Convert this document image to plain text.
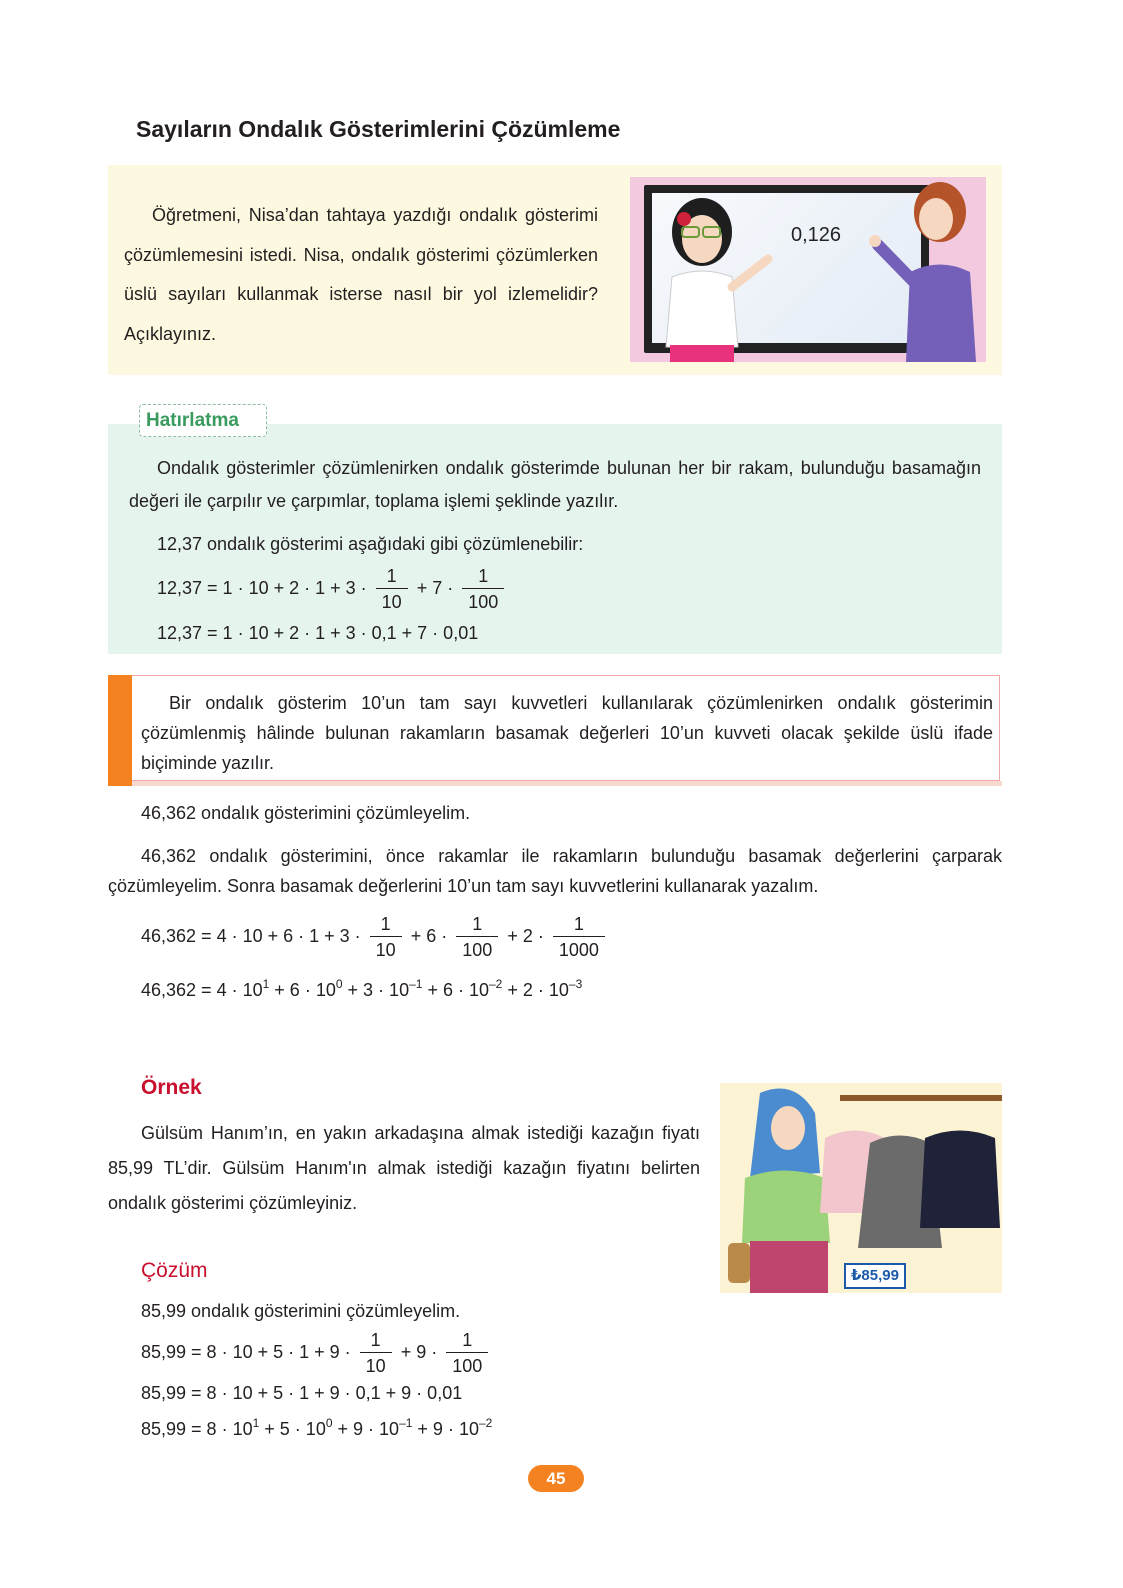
Sayıların Ondalık Gösterimlerini Çözümleme
Öğretmeni, Nisa’dan tahtaya yazdığı ondalık gösterimi çözümlemesini istedi. Nisa, ondalık gösterimi çözümlerken üslü sayıları kullanmak isterse nasıl bir yol izlemelidir? Açıklayınız.
0,126
Hatırlatma
Ondalık gösterimler çözümlenirken ondalık gösterimde bulunan her bir rakam, bulunduğu basamağın değeri ile çarpılır ve çarpımlar, toplama işlemi şeklinde yazılır.
12,37 ondalık gösterimi aşağıdaki gibi çözümlenebilir:
$12,37 = 1 \cdot 10 + 2 \cdot 1 + 3 \cdot \frac{1}{10} + 7 \cdot \frac{1}{100}$
12,37 = 1 · 10 + 2 · 1 + 3 · 0,1 + 7 · 0,01
Bir ondalık gösterim 10’un tam sayı kuvvetleri kullanılarak çözümlenirken ondalık gösterimin çözümlenmiş hâlinde bulunan rakamların basamak değerleri 10’un kuvveti olacak şekilde üslü ifade biçiminde yazılır.
46,362 ondalık gösterimini çözümleyelim.
46,362 ondalık gösterimini, önce rakamlar ile rakamların bulunduğu basamak değerlerini çarparak çözümleyelim. Sonra basamak değerlerini 10’un tam sayı kuvvetlerini kullanarak yazalım.
$46,362 = 4 \cdot 10 + 6 \cdot 1 + 3 \cdot \frac{1}{10} + 6 \cdot \frac{1}{100} + 2 \cdot \frac{1}{1000}$
$46,362 = 4 \cdot 10^1 + 6 \cdot 10^0 + 3 \cdot 10^{-1} + 6 \cdot 10^{-2} + 2 \cdot 10^{-3}$
Örnek
Gülsüm Hanım’ın, en yakın arkadaşına almak istediği kazağın fiyatı 85,99 TL’dir. Gülsüm Hanım'ın almak istediği kazağın fiyatını belirten ondalık gösterimi çözümleyiniz.
₺85,99
Çözüm
85,99 ondalık gösterimini çözümleyelim.
$85,99 = 8 \cdot 10 + 5 \cdot 1 + 9 \cdot \frac{1}{10} + 9 \cdot \frac{1}{100}$
85,99 = 8 · 10 + 5 · 1 + 9 · 0,1 + 9 · 0,01
$85,99 = 8 \cdot 10^1 + 5 \cdot 10^0 + 9 \cdot 10^{-1} + 9 \cdot 10^{-2}$
45
